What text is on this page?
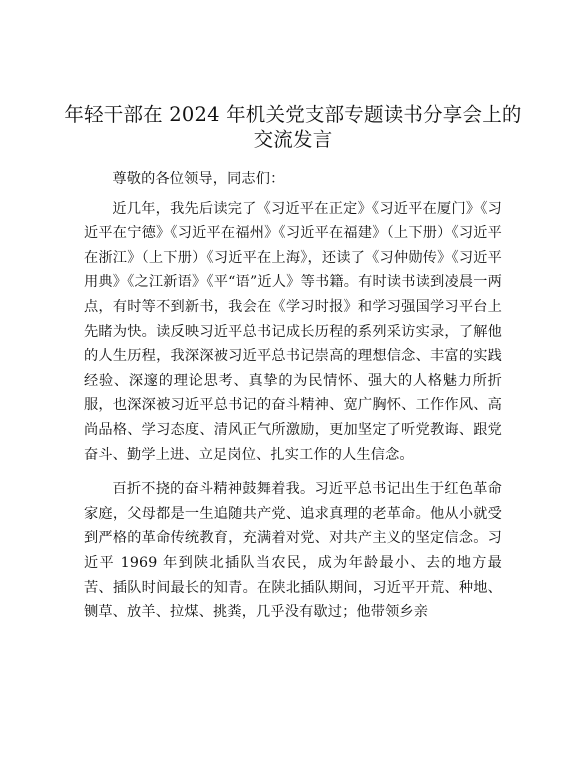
年轻干部在 2024 年机关党支部专题读书分享会上的交流发言

尊敬的各位领导，同志们：

近几年，我先后读完了《习近平在正定》《习近平在厦门》《习近平在宁德》《习近平在福州》《习近平在福建》（上下册）《习近平在浙江》（上下册）《习近平在上海》，还读了《习仲勋传》《习近平用典》《之江新语》《平“语”近人》等书籍。有时读书读到凌晨一两点，有时等不到新书，我会在《学习时报》和学习强国学习平台上先睹为快。读反映习近平总书记成长历程的系列采访实录，了解他的人生历程，我深深被习近平总书记崇高的理想信念、丰富的实践经验、深邃的理论思考、真挚的为民情怀、强大的人格魅力所折服，也深深被习近平总书记的奋斗精神、宽广胸怀、工作作风、高尚品格、学习态度、清风正气所激励，更加坚定了听党教诲、跟党奋斗、勤学上进、立足岗位、扎实工作的人生信念。

百折不挠的奋斗精神鼓舞着我。习近平总书记出生于红色革命家庭，父母都是一生追随共产党、追求真理的老革命。他从小就受到严格的革命传统教育，充满着对党、对共产主义的坚定信念。习近平 1969 年到陕北插队当农民，成为年龄最小、去的地方最苦、插队时间最长的知青。在陕北插队期间，习近平开荒、种地、铡草、放羊、拉煤、挑粪，几乎没有歇过；他带领乡亲
